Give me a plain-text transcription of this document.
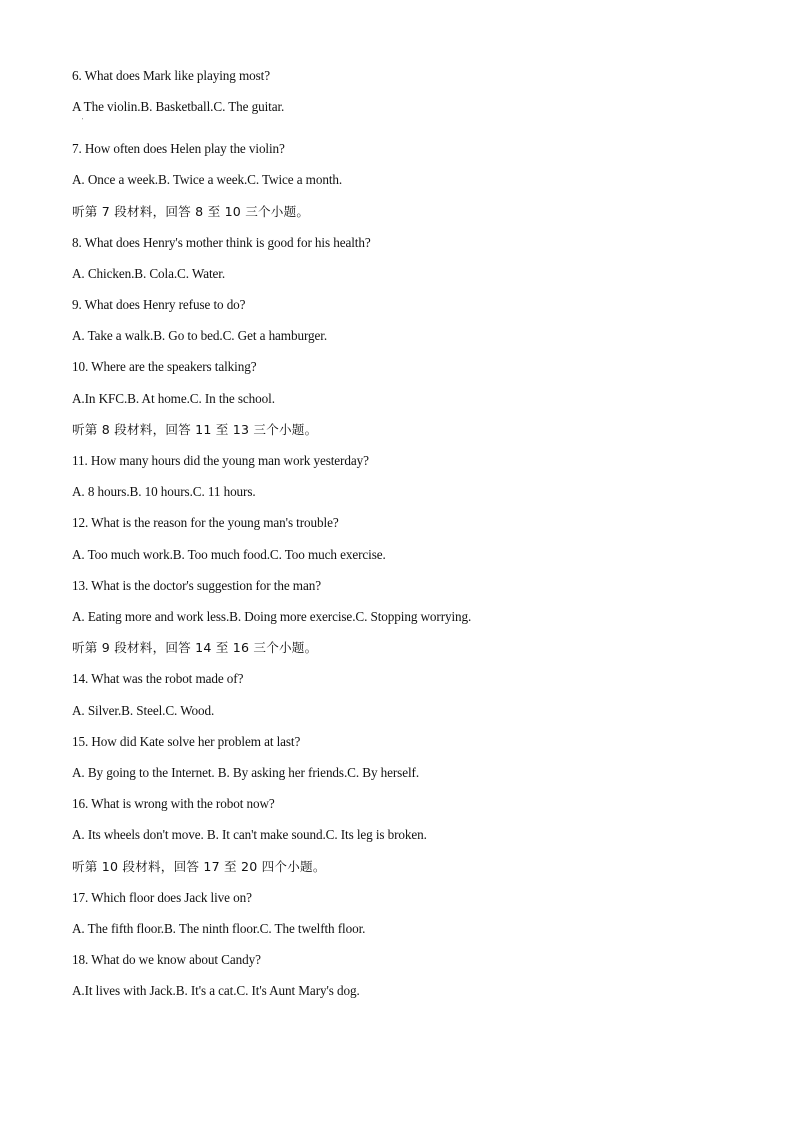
6. What does Mark like playing most?
A The violin.B. Basketball.C. The guitar.
'
7. How often does Helen play the violin?
A. Once a week.B. Twice a week.C. Twice a month.
听第 7 段材料，回答 8 至 10 三个小题。
8. What does Henry's mother think is good for his health?
A. Chicken.B. Cola.C. Water.
9. What does Henry refuse to do?
A. Take a walk.B. Go to bed.C. Get a hamburger.
10. Where are the speakers talking?
A.In KFC.B. At home.C. In the school.
听第 8 段材料，回答 11 至 13 三个小题。
11. How many hours did the young man work yesterday?
A. 8 hours.B. 10 hours.C. 11 hours.
12. What is the reason for the young man's trouble?
A. Too much work.B. Too much food.C. Too much exercise.
13. What is the doctor's suggestion for the man?
A. Eating more and work less.B. Doing more exercise.C. Stopping worrying.
听第 9 段材料，回答 14 至 16 三个小题。
14. What was the robot made of?
A. Silver.B. Steel.C. Wood.
15. How did Kate solve her problem at last?
A. By going to the Internet. B. By asking her friends.C. By herself.
16. What is wrong with the robot now?
A. Its wheels don't move. B. It can't make sound.C. Its leg is broken.
听第 10 段材料，回答 17 至 20 四个小题。
17. Which floor does Jack live on?
A. The fifth floor.B. The ninth floor.C. The twelfth floor.
18. What do we know about Candy?
A.It lives with Jack.B. It's a cat.C. It's Aunt Mary's dog.
